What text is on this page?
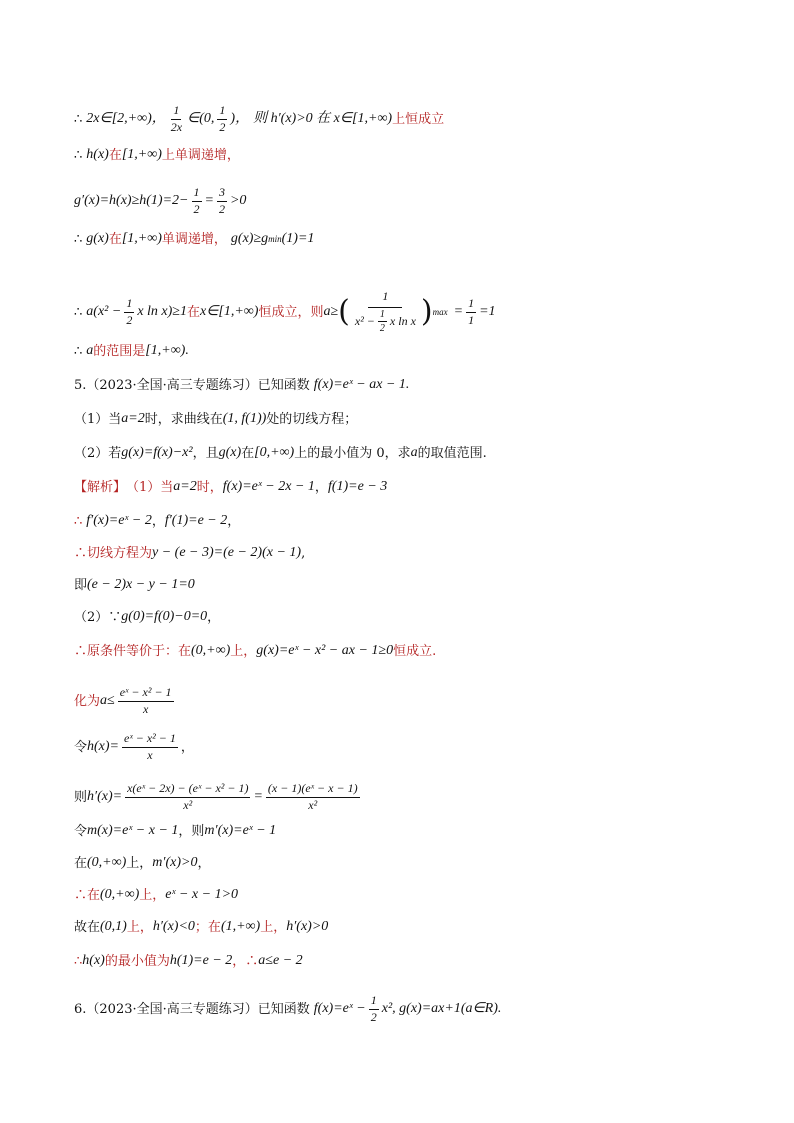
∴ 2x∈[2,+∞)， $\frac{1}{2x}$ ∈(0, $\frac{1}{2}$ )， 则 h′(x)>0 在 x∈[1,+∞) 上恒成立
∴ h(x) 在 [1,+∞) 上单调递增，
$g'(x)=h(x)\ge h(1)=2- \frac{1}{2} = \frac{3}{2} >0$
∴ g(x) 在 [1,+∞) 单调递增， g(x)≥g min (1)=1
∴ $a(x^2 - \frac{1}{2}$ x ln x)≥1 在 x∈[1,+∞) 恒成立，则 a≥ ( $\frac{1}{x^2 - \frac{1}{2} x \ln x}$ ) $\max = \frac{1}{1} =1$
∴ a 的范围是 [1,+∞).
5.（2023·全国·高三专题练习）已知函数 f(x)=eˣ − ax − 1.
（1）当 a=2 时，求曲线在 (1, f(1)) 处的切线方程；
（2）若 g(x)=f(x)−x² ，且 g(x) 在 [0,+∞) 上的最小值为 0，求 a 的取值范围.
【解析】 （1）当 a=2 时， f(x)=eˣ − 2x − 1 ， f(1)=e − 3
∴ f′(x)=eˣ − 2 ， f′(1)=e − 2 ，
∴切线方程为 y − (e − 3)=(e − 2)(x − 1) ,
即 (e − 2)x − y − 1=0
（2）∵ g(0)=f(0)−0=0 ，
∴原条件等价于：在 (0,+∞) 上， g(x)=eˣ − x² − ax − 1≥0 恒成立.
化为 $a\le \frac{\text{eˣ − x² − 1}}{x}$
令 $h(x)= \frac{\text{eˣ − x² − 1}}{x}$ ，
则 $h'(x)= \frac{\text{x(eˣ − 2x) − (eˣ − x² − 1)}}{\text{x²}} = \frac{\text{(x − 1)(eˣ − x − 1)}}{\text{x²}}$
令 m(x)=eˣ − x − 1 ，则 m′(x)=eˣ − 1
在 (0,+∞) 上， m′(x)>0 ，
∴在 (0,+∞) 上， eˣ − x − 1>0
故在 (0,1) 上， h′(x)<0 ；在 (1,+∞) 上， h′(x)>0
∴ h(x) 的最小值为 h(1)=e − 2 ，∴ a≤e − 2
6.（2023·全国·高三专题练习）已知函数 f(x)=eˣ − $\frac{1}{2} x^2$, g(x)=ax+1(a∈R).
